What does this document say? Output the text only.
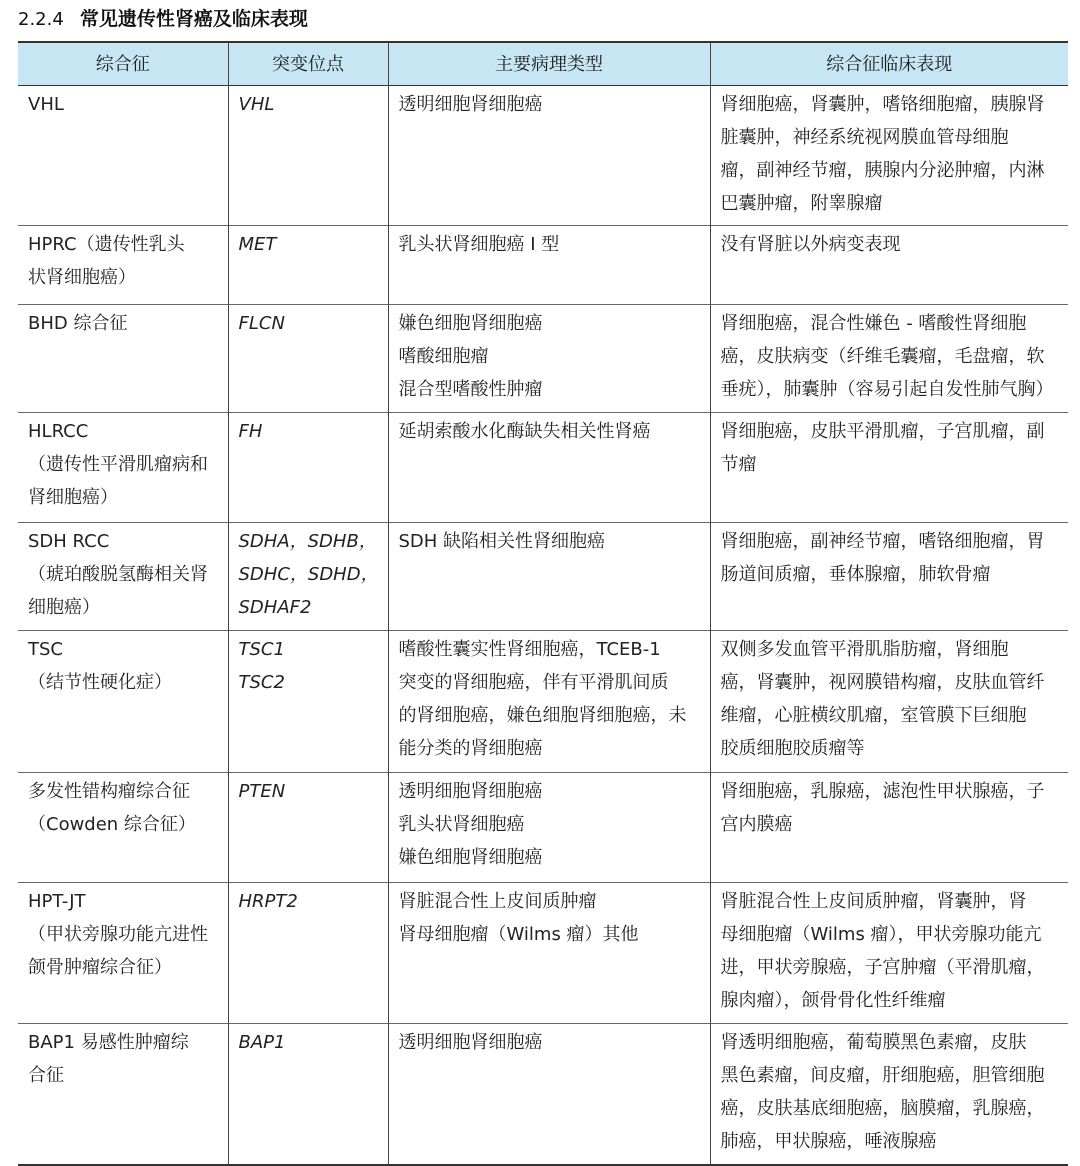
2.2.4 常见遗传性肾癌及临床表现
综合征	突变位点	主要病理类型	综合征临床表现

VHL	VHL	透明细胞肾细胞癌	肾细胞癌，肾囊肿，嗜铬细胞瘤，胰腺肾
脏囊肿，神经系统视网膜血管母细胞
瘤，副神经节瘤，胰腺内分泌肿瘤，内淋
巴囊肿瘤，附睾腺瘤

HPRC（遗传性乳头
状肾细胞癌）	MET	乳头状肾细胞癌 Ⅰ 型	没有肾脏以外病变表现

BHD 综合征	FLCN	嫌色细胞肾细胞癌
嗜酸细胞瘤
混合型嗜酸性肿瘤	肾细胞癌，混合性嫌色 - 嗜酸性肾细胞
癌，皮肤病变（纤维毛囊瘤，毛盘瘤，软
垂疣），肺囊肿（容易引起自发性肺气胸）

HLRCC
（遗传性平滑肌瘤病和
肾细胞癌）	FH	延胡索酸水化酶缺失相关性肾癌	肾细胞癌，皮肤平滑肌瘤，子宫肌瘤，副
节瘤

SDH RCC
（琥珀酸脱氢酶相关肾
细胞癌）	SDHA，SDHB，
SDHC，SDHD，
SDHAF2	SDH 缺陷相关性肾细胞癌	肾细胞癌，副神经节瘤，嗜铬细胞瘤，胃
肠道间质瘤，垂体腺瘤，肺软骨瘤

TSC
（结节性硬化症）	TSC1
TSC2	嗜酸性囊实性肾细胞癌，TCEB-1
突变的肾细胞癌，伴有平滑肌间质
的肾细胞癌，嫌色细胞肾细胞癌，未
能分类的肾细胞癌	双侧多发血管平滑肌脂肪瘤，肾细胞
癌，肾囊肿，视网膜错构瘤，皮肤血管纤
维瘤，心脏横纹肌瘤，室管膜下巨细胞
胶质细胞胶质瘤等

多发性错构瘤综合征
（Cowden 综合征）	PTEN	透明细胞肾细胞癌
乳头状肾细胞癌
嫌色细胞肾细胞癌	肾细胞癌，乳腺癌，滤泡性甲状腺癌，子
宫内膜癌

HPT-JT
（甲状旁腺功能亢进性
颌骨肿瘤综合征）	HRPT2	肾脏混合性上皮间质肿瘤
肾母细胞瘤（Wilms 瘤）其他	肾脏混合性上皮间质肿瘤，肾囊肿，肾
母细胞瘤（Wilms 瘤），甲状旁腺功能亢
进，甲状旁腺癌，子宫肿瘤（平滑肌瘤，
腺肉瘤），颌骨骨化性纤维瘤

BAP1 易感性肿瘤综
合征	BAP1	透明细胞肾细胞癌	肾透明细胞癌，葡萄膜黑色素瘤，皮肤
黑色素瘤，间皮瘤，肝细胞癌，胆管细胞
癌，皮肤基底细胞癌，脑膜瘤，乳腺癌，
肺癌，甲状腺癌，唾液腺癌
